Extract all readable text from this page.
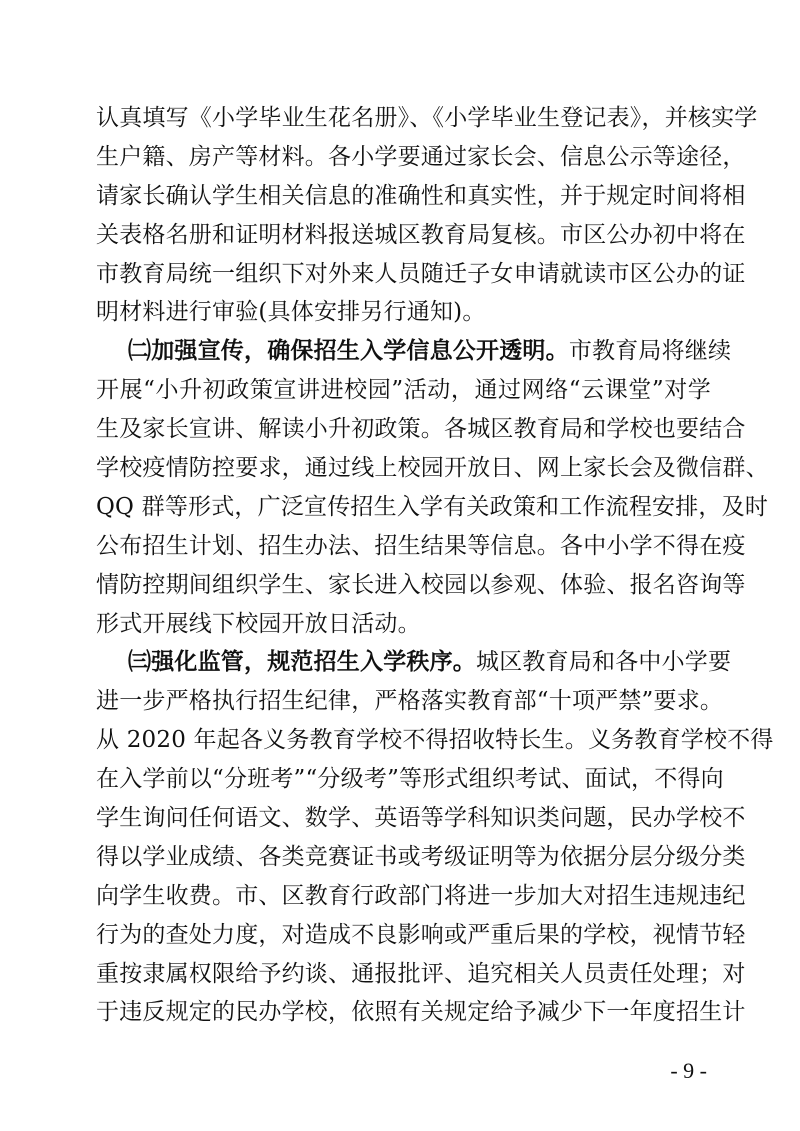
认真填写《小学毕业生花名册》、《小学毕业生登记表》，并核实学
生户籍、房产等材料。各小学要通过家长会、信息公示等途径，
请家长确认学生相关信息的准确性和真实性，并于规定时间将相
关表格名册和证明材料报送城区教育局复核。市区公办初中将在
市教育局统一组织下对外来人员随迁子女申请就读市区公办的证
明材料进行审验(具体安排另行通知)。
㈡加强宣传，确保招生入学信息公开透明。市教育局将继续
开展“小升初政策宣讲进校园”活动，通过网络“云课堂”对学
生及家长宣讲、解读小升初政策。各城区教育局和学校也要结合
学校疫情防控要求，通过线上校园开放日、网上家长会及微信群、
QQ 群等形式，广泛宣传招生入学有关政策和工作流程安排，及时
公布招生计划、招生办法、招生结果等信息。各中小学不得在疫
情防控期间组织学生、家长进入校园以参观、体验、报名咨询等
形式开展线下校园开放日活动。
㈢强化监管，规范招生入学秩序。城区教育局和各中小学要
进一步严格执行招生纪律，严格落实教育部“十项严禁”要求。
从 2020 年起各义务教育学校不得招收特长生。义务教育学校不得
在入学前以“分班考”“分级考”等形式组织考试、面试，不得向
学生询问任何语文、数学、英语等学科知识类问题，民办学校不
得以学业成绩、各类竞赛证书或考级证明等为依据分层分级分类
向学生收费。市、区教育行政部门将进一步加大对招生违规违纪
行为的查处力度，对造成不良影响或严重后果的学校，视情节轻
重按隶属权限给予约谈、通报批评、追究相关人员责任处理；对
于违反规定的民办学校，依照有关规定给予减少下一年度招生计
- 9 -
